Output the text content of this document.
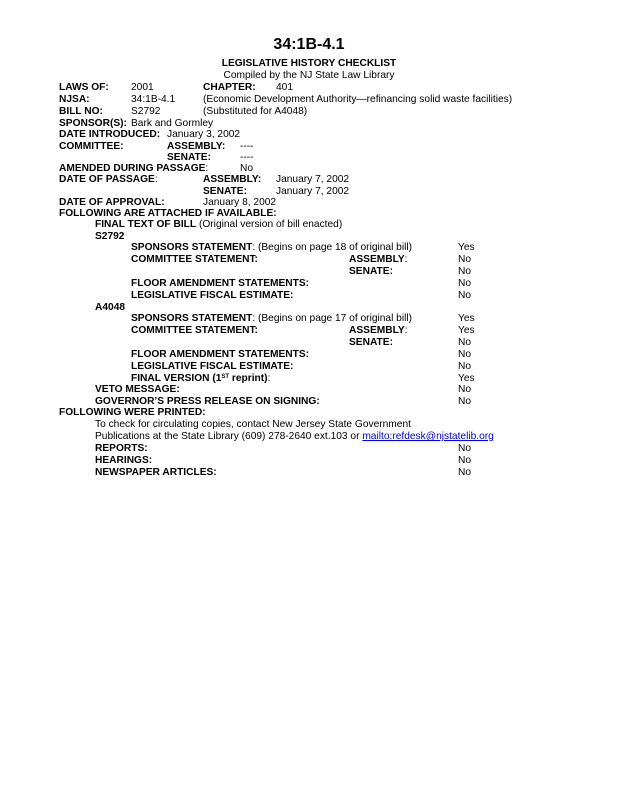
34:1B-4.1
LEGISLATIVE HISTORY CHECKLIST
Compiled by the NJ State Law Library
LAWS OF: 2001	CHAPTER: 401
NJSA:	34:1B-4.1	(Economic Development Authority—refinancing solid waste facilities)
BILL NO:	S2792	(Substituted for A4048)
SPONSOR(S): Bark and Gormley
DATE INTRODUCED: January 3, 2002
COMMITTEE:	ASSEMBLY: ----
SENATE:	----
AMENDED DURING PASSAGE:	No
DATE OF PASSAGE:	ASSEMBLY: January 7, 2002
SENATE:	January 7, 2002
DATE OF APPROVAL:	January 8, 2002
FOLLOWING ARE ATTACHED IF AVAILABLE:
FINAL TEXT OF BILL (Original version of bill enacted)
S2792
SPONSORS STATEMENT: (Begins on page 18 of original bill)	Yes
COMMITTEE STATEMENT:	ASSEMBLY:	No
SENATE:	No
FLOOR AMENDMENT STATEMENTS:	No
LEGISLATIVE FISCAL ESTIMATE:	No
A4048
SPONSORS STATEMENT: (Begins on page 17 of original bill)	Yes
COMMITTEE STATEMENT:	ASSEMBLY:	Yes
SENATE:	No
FLOOR AMENDMENT STATEMENTS:	No
LEGISLATIVE FISCAL ESTIMATE:	No
FINAL VERSION (1ST reprint):	Yes
VETO MESSAGE:	No
GOVERNOR’S PRESS RELEASE ON SIGNING:	No
FOLLOWING WERE PRINTED:
To check for circulating copies, contact New Jersey State Government
Publications at the State Library (609) 278-2640 ext.103 or mailto:refdesk@njstatelib.org
REPORTS:	No
HEARINGS:	No
NEWSPAPER ARTICLES:	No
